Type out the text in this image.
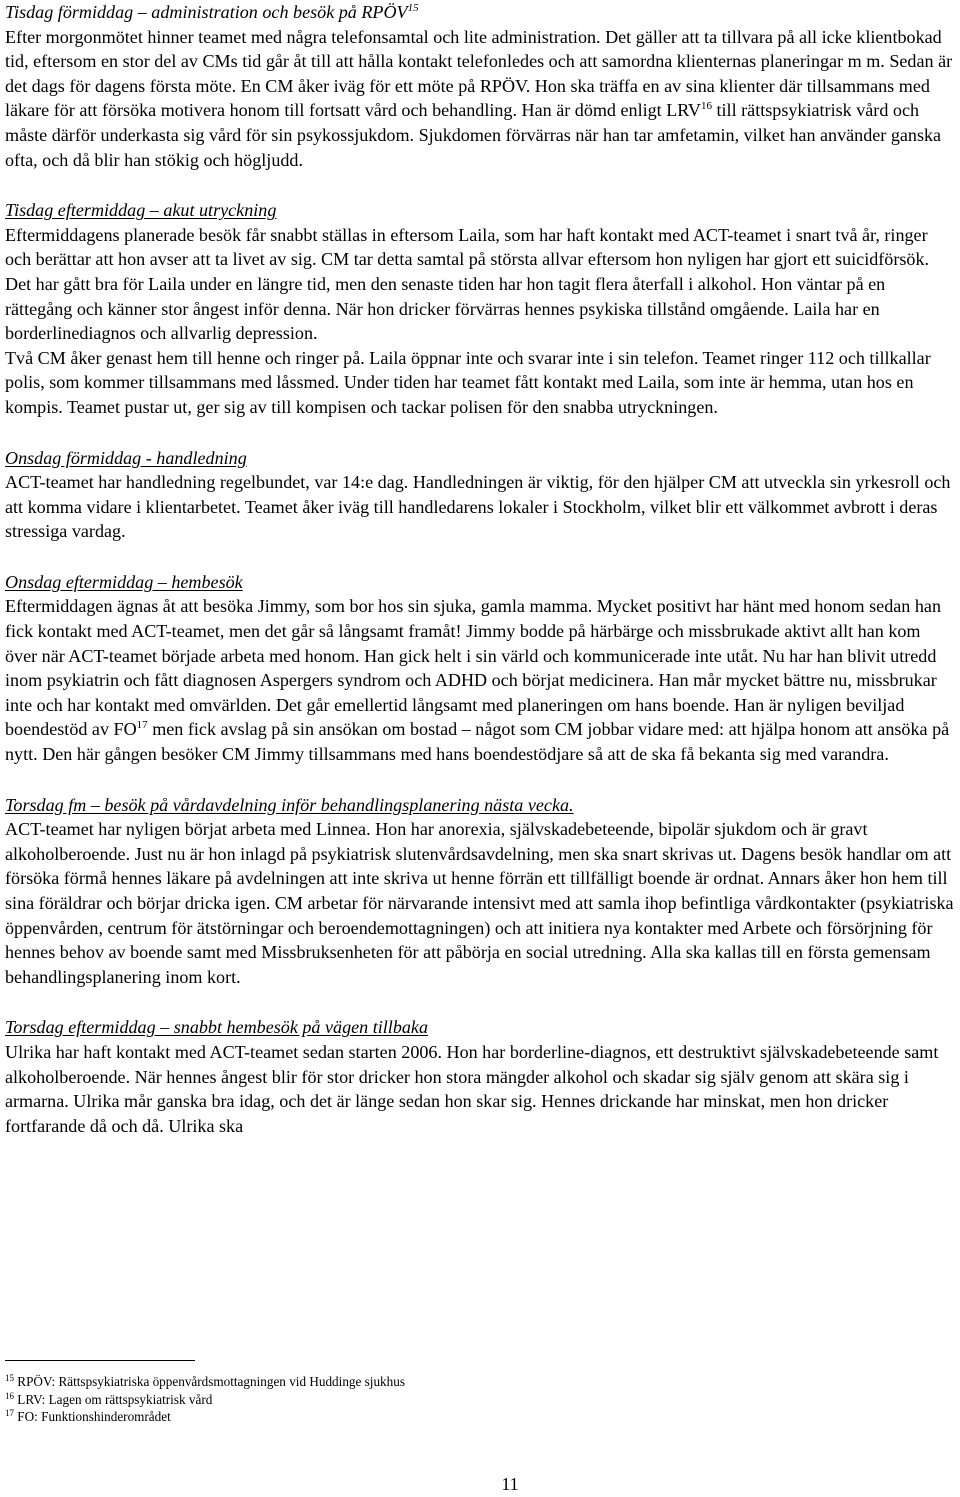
Tisdag förmiddag – administration och besök på RPÖV$^{15}$

Efter morgonmötet hinner teamet med några telefonsamtal och lite administration. Det gäller att ta tillvara på all icke klientbokad tid, eftersom en stor del av CMs tid går åt till att hålla kontakt telefonledes och att samordna klienternas planeringar m m. Sedan är det dags för dagens första möte. En CM åker iväg för ett möte på RPÖV. Hon ska träffa en av sina klienter där tillsammans med läkare för att försöka motivera honom till fortsatt vård och behandling. Han är dömd enligt LRV$^{16}$ till rättspsykiatrisk vård och måste därför underkasta sig vård för sin psykossjukdom. Sjukdomen förvärras när han tar amfetamin, vilket han använder ganska ofta, och då blir han stökig och högljudd.

Tisdag eftermiddag – akut utryckning

Eftermiddagens planerade besök får snabbt ställas in eftersom Laila, som har haft kontakt med ACT-teamet i snart två år, ringer och berättar att hon avser att ta livet av sig. CM tar detta samtal på största allvar eftersom hon nyligen har gjort ett suicidförsök. Det har gått bra för Laila under en längre tid, men den senaste tiden har hon tagit flera återfall i alkohol. Hon väntar på en rättegång och känner stor ångest inför denna. När hon dricker förvärras hennes psykiska tillstånd omgående. Laila har en borderlinediagnos och allvarlig depression.

Två CM åker genast hem till henne och ringer på. Laila öppnar inte och svarar inte i sin telefon. Teamet ringer 112 och tillkallar polis, som kommer tillsammans med låssmed. Under tiden har teamet fått kontakt med Laila, som inte är hemma, utan hos en kompis. Teamet pustar ut, ger sig av till kompisen och tackar polisen för den snabba utryckningen.

Onsdag förmiddag - handledning

ACT-teamet har handledning regelbundet, var 14:e dag. Handledningen är viktig, för den hjälper CM att utveckla sin yrkesroll och att komma vidare i klientarbetet. Teamet åker iväg till handledarens lokaler i Stockholm, vilket blir ett välkommet avbrott i deras stressiga vardag.

Onsdag eftermiddag – hembesök

Eftermiddagen ägnas åt att besöka Jimmy, som bor hos sin sjuka, gamla mamma. Mycket positivt har hänt med honom sedan han fick kontakt med ACT-teamet, men det går så långsamt framåt! Jimmy bodde på härbärge och missbrukade aktivt allt han kom över när ACT-teamet började arbeta med honom. Han gick helt i sin värld och kommunicerade inte utåt. Nu har han blivit utredd inom psykiatrin och fått diagnosen Aspergers syndrom och ADHD och börjat medicinera. Han mår mycket bättre nu, missbrukar inte och har kontakt med omvärlden. Det går emellertid långsamt med planeringen om hans boende. Han är nyligen beviljad boendestöd av FO$^{17}$ men fick avslag på sin ansökan om bostad – något som CM jobbar vidare med: att hjälpa honom att ansöka på nytt. Den här gången besöker CM Jimmy tillsammans med hans boendestödjare så att de ska få bekanta sig med varandra.

Torsdag fm – besök på vårdavdelning inför behandlingsplanering nästa vecka.

ACT-teamet har nyligen börjat arbeta med Linnea. Hon har anorexia, självskadebeteende, bipolär sjukdom och är gravt alkoholberoende. Just nu är hon inlagd på psykiatrisk slutenvårdsavdelning, men ska snart skrivas ut. Dagens besök handlar om att försöka förmå hennes läkare på avdelningen att inte skriva ut henne förrän ett tillfälligt boende är ordnat. Annars åker hon hem till sina föräldrar och börjar dricka igen. CM arbetar för närvarande intensivt med att samla ihop befintliga vårdkontakter (psykiatriska öppenvården, centrum för ätstörningar och beroendemottagningen) och att initiera nya kontakter med Arbete och försörjning för hennes behov av boende samt med Missbruksenheten för att påbörja en social utredning. Alla ska kallas till en första gemensam behandlingsplanering inom kort.

Torsdag eftermiddag – snabbt hembesök på vägen tillbaka

Ulrika har haft kontakt med ACT-teamet sedan starten 2006. Hon har borderline-diagnos, ett destruktivt självskadebeteende samt alkoholberoende. När hennes ångest blir för stor dricker hon stora mängder alkohol och skadar sig själv genom att skära sig i armarna. Ulrika mår ganska bra idag, och det är länge sedan hon skar sig. Hennes drickande har minskat, men hon dricker fortfarande då och då. Ulrika ska

$^{15}$ RPÖV: Rättspsykiatriska öppenvårdsmottagningen vid Huddinge sjukhus
$^{16}$ LRV: Lagen om rättspsykiatrisk vård
$^{17}$ FO: Funktionshinderområdet
11
